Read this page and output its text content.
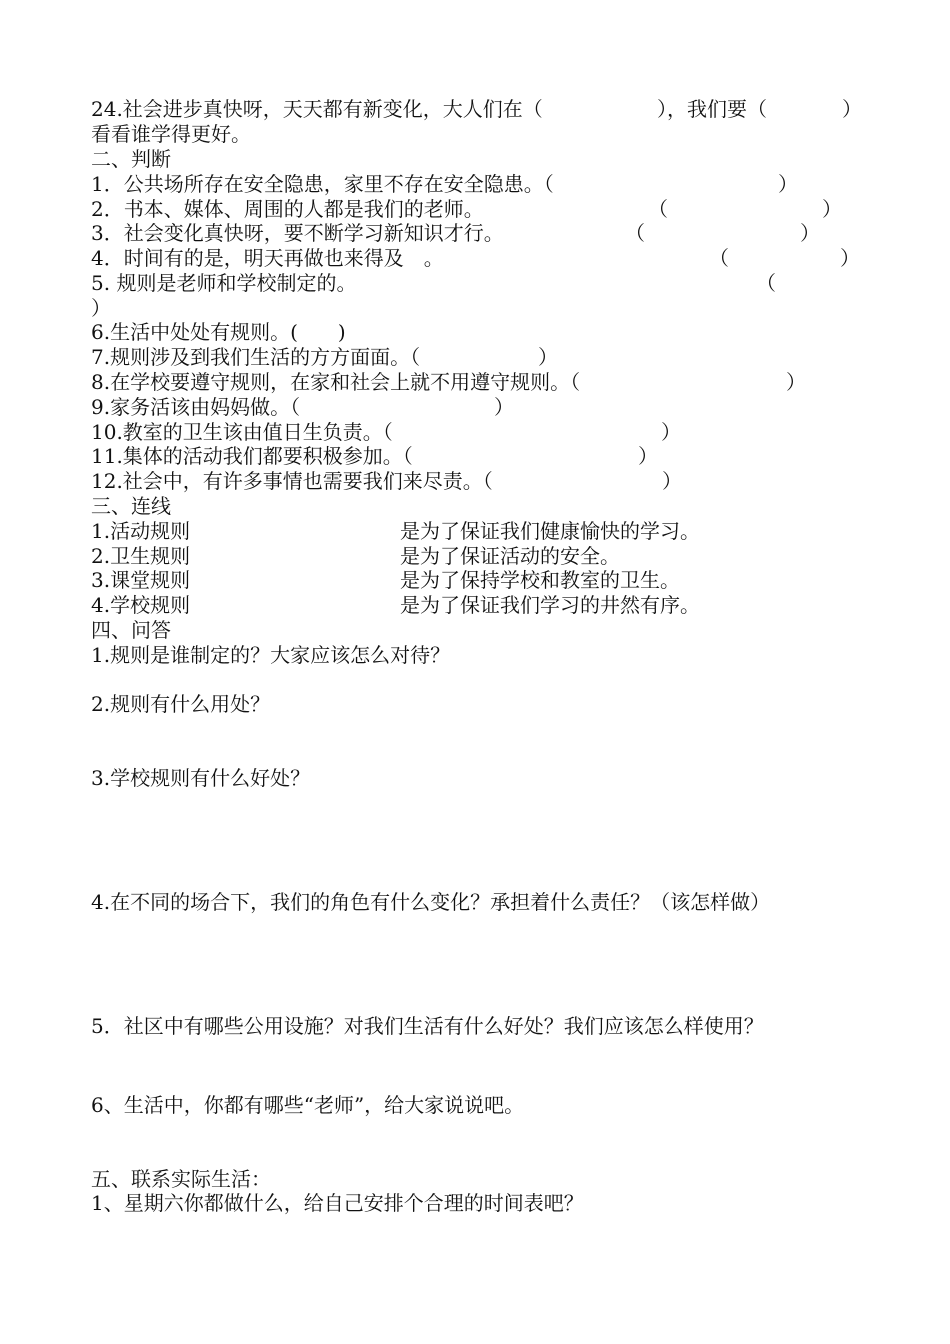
24.社会进步真快呀，天天都有新变化，大人们在（	），我们要（	）
看看谁学得更好。
二、判断
1．公共场所存在安全隐患，家里不存在安全隐患。（	）
2．书本、媒体、周围的人都是我们的老师。	（	）
3．社会变化真快呀，要不断学习新知识才行。	（	）
4．时间有的是，明天再做也来得及　。	（	）
5. 规则是老师和学校制定的。	（
）
6.生活中处处有规则。(　　)
7.规则涉及到我们生活的方方面面。（	）
8.在学校要遵守规则，在家和社会上就不用遵守规则。（	）
9.家务活该由妈妈做。（	）
10.教室的卫生该由值日生负责。（	）
11.集体的活动我们都要积极参加。（	）
12.社会中，有许多事情也需要我们来尽责。（	）
三、连线
1.活动规则	是为了保证我们健康愉快的学习。
2.卫生规则	是为了保证活动的安全。
3.课堂规则	是为了保持学校和教室的卫生。
4.学校规则	是为了保证我们学习的井然有序。
四、问答
1.规则是谁制定的？大家应该怎么对待？
2.规则有什么用处？
3.学校规则有什么好处？
4.在不同的场合下，我们的角色有什么变化？承担着什么责任？（该怎样做）
5．社区中有哪些公用设施？对我们生活有什么好处？我们应该怎么样使用？
6、生活中，你都有哪些“老师”，给大家说说吧。
五、联系实际生活：
1、星期六你都做什么，给自己安排个合理的时间表吧？
